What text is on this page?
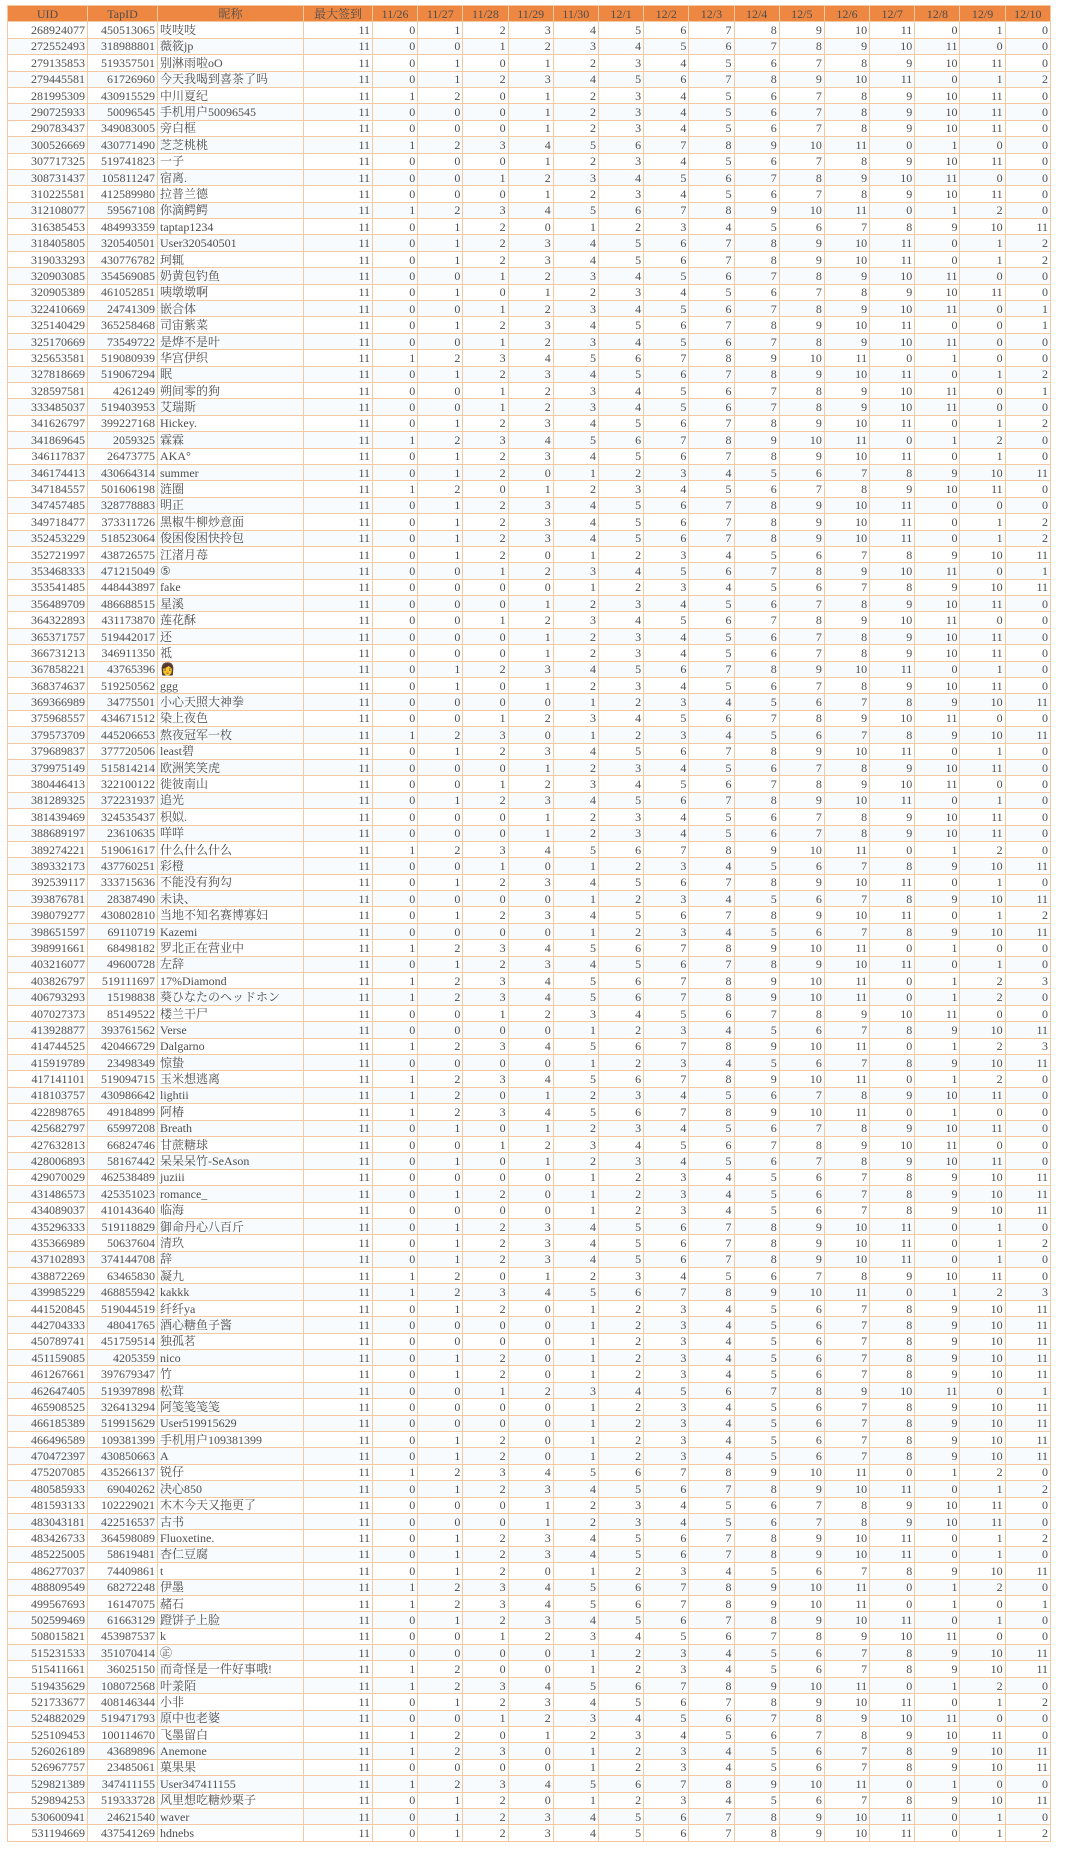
UID	TapID	昵称	最大签到	11/26	11/27	11/28	11/29	11/30	12/1	12/2	12/3	12/4	12/5	12/6	12/7	12/8	12/9	12/10
268924077	450513065	吱吱吱	11	0	1	2	3	4	5	6	7	8	9	10	11	0	1	0
272552493	318988801	薇筱jp	11	0	0	1	2	3	4	5	6	7	8	9	10	11	0	0
279135853	519357501	别淋雨啦oO	11	0	1	0	1	2	3	4	5	6	7	8	9	10	11	0
279445581	61726960	今天我喝到喜茶了吗	11	0	1	2	3	4	5	6	7	8	9	10	11	0	1	2
281995309	430915529	中川夏纪	11	1	2	0	1	2	3	4	5	6	7	8	9	10	11	0
290725933	50096545	手机用户50096545	11	0	0	0	1	2	3	4	5	6	7	8	9	10	11	0
290783437	349083005	旁白框	11	0	0	0	1	2	3	4	5	6	7	8	9	10	11	0
300526669	430771490	芝芝桃桃	11	1	2	3	4	5	6	7	8	9	10	11	0	1	0	0
307717325	519741823	一子	11	0	0	0	1	2	3	4	5	6	7	8	9	10	11	0
308731437	105811247	宿离.	11	0	0	1	2	3	4	5	6	7	8	9	10	11	0	0
310225581	412589980	拉普兰德	11	0	0	0	1	2	3	4	5	6	7	8	9	10	11	0
312108077	59567108	你滴鳄鳄	11	1	2	3	4	5	6	7	8	9	10	11	0	1	2	0
316385453	484993359	taptap1234	11	0	1	2	0	1	2	3	4	5	6	7	8	9	10	11
318405805	320540501	User320540501	11	0	1	2	3	4	5	6	7	8	9	10	11	0	1	2
319033293	430776782	珂辄	11	0	1	2	3	4	5	6	7	8	9	10	11	0	1	2
320903085	354569085	奶黄包钓鱼	11	0	0	1	2	3	4	5	6	7	8	9	10	11	0	0
320905389	461052851	咦墩墩啊	11	0	1	0	1	2	3	4	5	6	7	8	9	10	11	0
322410669	24741309	嵌合体	11	0	0	1	2	3	4	5	6	7	8	9	10	11	0	1
325140429	365258468	司宙紫菜	11	0	1	2	3	4	5	6	7	8	9	10	11	0	0	1
325170669	73549722	是烨不是叶	11	0	0	1	2	3	4	5	6	7	8	9	10	11	0	0
325653581	519080939	华宫伊织	11	1	2	3	4	5	6	7	8	9	10	11	0	1	0	0
327818669	519067294	眠	11	0	1	2	3	4	5	6	7	8	9	10	11	0	1	2
328597581	4261249	朔间零的狗	11	0	0	1	2	3	4	5	6	7	8	9	10	11	0	1
333485037	519403953	艾瑞斯	11	0	0	1	2	3	4	5	6	7	8	9	10	11	0	0
341626797	399227168	Hickey.	11	0	1	2	3	4	5	6	7	8	9	10	11	0	1	2
341869645	2059325	霖霖	11	1	2	3	4	5	6	7	8	9	10	11	0	1	2	0
346117837	26473775	AKA°	11	0	1	2	3	4	5	6	7	8	9	10	11	0	1	0
346174413	430664314	summer	11	0	1	2	0	1	2	3	4	5	6	7	8	9	10	11
347184557	501606198	涟圈	11	1	2	0	1	2	3	4	5	6	7	8	9	10	11	0
347457485	328778883	明正	11	0	1	2	3	4	5	6	7	8	9	10	11	0	0	0
349718477	373311726	黑椒牛柳炒意面	11	0	1	2	3	4	5	6	7	8	9	10	11	0	1	2
352453229	518523064	俊困俊困快拎包	11	0	1	2	3	4	5	6	7	8	9	10	11	0	1	2
352721997	438726575	江渚月苺	11	0	1	2	0	1	2	3	4	5	6	7	8	9	10	11
353468333	471215049	⑤	11	0	0	1	2	3	4	5	6	7	8	9	10	11	0	1
353541485	448443897	fake	11	0	0	0	0	1	2	3	4	5	6	7	8	9	10	11
356489709	486688515	星溪	11	0	0	0	1	2	3	4	5	6	7	8	9	10	11	0
364322893	431173870	莲花酥	11	0	0	1	2	3	4	5	6	7	8	9	10	11	0	0
365371757	519442017	还	11	0	0	0	1	2	3	4	5	6	7	8	9	10	11	0
366731213	346911350	祗	11	0	0	0	1	2	3	4	5	6	7	8	9	10	11	0
367858221	43765396	👩	11	0	1	2	3	4	5	6	7	8	9	10	11	0	1	0
368374637	519250562	ggg	11	0	1	0	1	2	3	4	5	6	7	8	9	10	11	0
369366989	34775501	小心天照大神拳	11	0	0	0	0	1	2	3	4	5	6	7	8	9	10	11
375968557	434671512	染上夜色	11	0	0	1	2	3	4	5	6	7	8	9	10	11	0	0
379573709	445206653	熬夜冠军一枚	11	1	2	3	0	1	2	3	4	5	6	7	8	9	10	11
379689837	377720506	least碧	11	0	1	2	3	4	5	6	7	8	9	10	11	0	1	0
379975149	515814214	欧洲笑笑虎	11	0	0	0	1	2	3	4	5	6	7	8	9	10	11	0
380446413	322100122	徙彼南山	11	0	0	1	2	3	4	5	6	7	8	9	10	11	0	0
381289325	372231937	追光	11	0	1	2	3	4	5	6	7	8	9	10	11	0	1	0
381439469	324535437	枳姒.	11	0	0	0	1	2	3	4	5	6	7	8	9	10	11	0
388689197	23610635	咩咩	11	0	0	0	1	2	3	4	5	6	7	8	9	10	11	0
389274221	519061617	什么什么什么	11	1	2	3	4	5	6	7	8	9	10	11	0	1	2	0
389332173	437760251	彩橙	11	0	0	1	0	1	2	3	4	5	6	7	8	9	10	11
392539117	333715636	不能没有狗勾	11	0	1	2	3	4	5	6	7	8	9	10	11	0	1	0
393876781	28387490	未诀、	11	0	0	0	0	1	2	3	4	5	6	7	8	9	10	11
398079277	430802810	当地不知名赛博寡妇	11	0	1	2	3	4	5	6	7	8	9	10	11	0	1	2
398651597	69110719	Kazemi	11	0	0	0	0	1	2	3	4	5	6	7	8	9	10	11
398991661	68498182	罗北正在营业中	11	1	2	3	4	5	6	7	8	9	10	11	0	1	0	0
403216077	49600728	左辞	11	0	1	2	3	4	5	6	7	8	9	10	11	0	1	0
403826797	519111697	17%Diamond	11	1	2	3	4	5	6	7	8	9	10	11	0	1	2	3
406793293	15198838	葵ひなたのヘッドホン	11	1	2	3	4	5	6	7	8	9	10	11	0	1	2	0
407027373	85149522	楼兰干尸	11	0	0	1	2	3	4	5	6	7	8	9	10	11	0	0
413928877	393761562	Verse	11	0	0	0	0	1	2	3	4	5	6	7	8	9	10	11
414744525	420466729	Dalgarno	11	1	2	3	4	5	6	7	8	9	10	11	0	1	2	3
415919789	23498349	惊蛰	11	0	0	0	0	1	2	3	4	5	6	7	8	9	10	11
417141101	519094715	玉米想逃离	11	1	2	3	4	5	6	7	8	9	10	11	0	1	2	0
418103757	430986642	lightii	11	1	2	0	1	2	3	4	5	6	7	8	9	10	11	0
422898765	49184899	阿椿	11	1	2	3	4	5	6	7	8	9	10	11	0	1	0	0
425682797	65997208	Breath	11	0	1	0	1	2	3	4	5	6	7	8	9	10	11	0
427632813	66824746	甘蔗糖球	11	0	0	1	2	3	4	5	6	7	8	9	10	11	0	0
428006893	58167442	呆呆呆竹-SeAson	11	0	1	0	1	2	3	4	5	6	7	8	9	10	11	0
429070029	462538489	juziii	11	0	0	0	0	1	2	3	4	5	6	7	8	9	10	11
431486573	425351023	romance_	11	0	1	2	0	1	2	3	4	5	6	7	8	9	10	11
434089037	410143640	临海	11	0	0	0	0	1	2	3	4	5	6	7	8	9	10	11
435296333	519118829	御命丹心八百斤	11	0	1	2	3	4	5	6	7	8	9	10	11	0	1	0
435366989	50637604	清玖	11	0	1	2	3	4	5	6	7	8	9	10	11	0	1	2
437102893	374144708	辞	11	0	1	2	3	4	5	6	7	8	9	10	11	0	1	0
438872269	63465830	凝九	11	1	2	0	1	2	3	4	5	6	7	8	9	10	11	0
439985229	468855942	kakkk	11	1	2	3	4	5	6	7	8	9	10	11	0	1	2	3
441520845	519044519	纤纤ya	11	0	1	2	0	1	2	3	4	5	6	7	8	9	10	11
442704333	48041765	酒心糖鱼子酱	11	0	0	0	0	1	2	3	4	5	6	7	8	9	10	11
450789741	451759514	独孤茗	11	0	0	0	0	1	2	3	4	5	6	7	8	9	10	11
451159085	4205359	nico	11	0	1	2	0	1	2	3	4	5	6	7	8	9	10	11
461267661	397679347	竹	11	0	1	2	0	1	2	3	4	5	6	7	8	9	10	11
462647405	519397898	松茸	11	0	0	1	2	3	4	5	6	7	8	9	10	11	0	1
465908525	326413294	阿笺笺笺笺	11	0	0	0	0	1	2	3	4	5	6	7	8	9	10	11
466185389	519915629	User519915629	11	0	0	0	0	1	2	3	4	5	6	7	8	9	10	11
466496589	109381399	手机用户109381399	11	0	1	2	0	1	2	3	4	5	6	7	8	9	10	11
470472397	430850663	A	11	0	1	2	0	1	2	3	4	5	6	7	8	9	10	11
475207085	435266137	锐仔	11	1	2	3	4	5	6	7	8	9	10	11	0	1	2	0
480585933	69040262	决心850	11	0	1	2	3	4	5	6	7	8	9	10	11	0	1	2
481593133	102229021	木木今天又拖更了	11	0	0	0	1	2	3	4	5	6	7	8	9	10	11	0
483043181	422516537	古书	11	0	0	0	1	2	3	4	5	6	7	8	9	10	11	0
483426733	364598089	Fluoxetine.	11	0	1	2	3	4	5	6	7	8	9	10	11	0	1	2
485225005	58619481	杏仁豆腐	11	0	1	2	3	4	5	6	7	8	9	10	11	0	1	0
486277037	74409861	t	11	0	1	2	0	1	2	3	4	5	6	7	8	9	10	11
488809549	68272248	伊墨	11	1	2	3	4	5	6	7	8	9	10	11	0	1	2	0
499567693	16147075	赭石	11	1	2	3	4	5	6	7	8	9	10	11	0	1	0	1
502599469	61663129	蹬饼子上脸	11	0	1	2	3	4	5	6	7	8	9	10	11	0	1	0
508015821	453987537	k	11	0	0	1	2	3	4	5	6	7	8	9	10	11	0	0
515231533	351070414	㊣	11	0	0	0	0	1	2	3	4	5	6	7	8	9	10	11
515411661	36025150	而奇怪是一件好事哦!	11	1	2	0	0	1	2	3	4	5	6	7	8	9	10	11
519435629	108072568	叶羕陌	11	1	2	3	4	5	6	7	8	9	10	11	0	1	2	0
521733677	408146344	小非	11	0	1	2	3	4	5	6	7	8	9	10	11	0	1	2
524882029	519471793	原中也老婆	11	0	0	1	2	3	4	5	6	7	8	9	10	11	0	0
525109453	100114670	飞墨留白	11	1	2	0	1	2	3	4	5	6	7	8	9	10	11	0
526026189	43689896	Anemone	11	1	2	3	0	1	2	3	4	5	6	7	8	9	10	11
526967757	23485061	菓果果	11	0	0	0	0	1	2	3	4	5	6	7	8	9	10	11
529821389	347411155	User347411155	11	1	2	3	4	5	6	7	8	9	10	11	0	1	0	0
529894253	519333728	风里想吃糖炒栗子	11	0	1	2	0	1	2	3	4	5	6	7	8	9	10	11
530600941	24621540	waver	11	0	1	2	3	4	5	6	7	8	9	10	11	0	1	0
531194669	437541269	hdnebs	11	0	1	2	3	4	5	6	7	8	9	10	11	0	1	2
